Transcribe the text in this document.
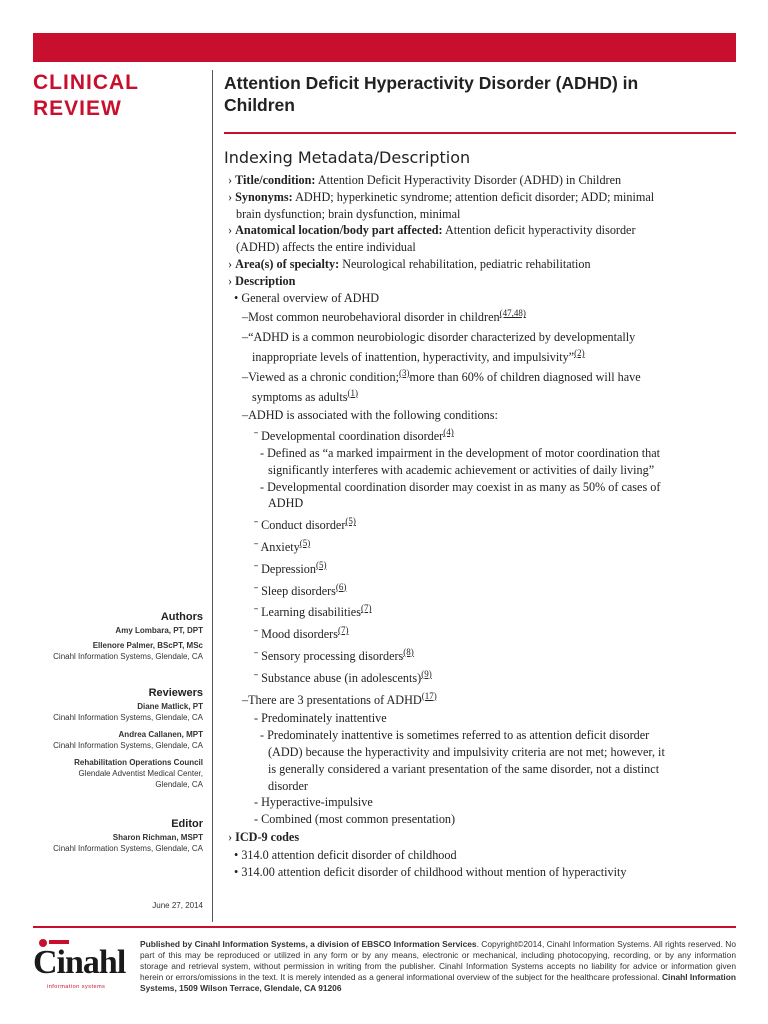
CLINICAL
REVIEW
Attention Deficit Hyperactivity Disorder (ADHD) in
Children
Indexing Metadata/Description
› Title/condition: Attention Deficit Hyperactivity Disorder (ADHD) in Children
› Synonyms: ADHD; hyperkinetic syndrome; attention deficit disorder; ADD; minimal
brain dysfunction; brain dysfunction, minimal
› Anatomical location/body part affected: Attention deficit hyperactivity disorder
(ADHD) affects the entire individual
› Area(s) of specialty: Neurological rehabilitation, pediatric rehabilitation
› Description
• General overview of ADHD
–Most common neurobehavioral disorder in children$^{(47,48)}$
–“ADHD is a common neurobiologic disorder characterized by developmentally
inappropriate levels of inattention, hyperactivity, and impulsivity”$^{(2)}$
–Viewed as a chronic condition;$^{(3)}$more than 60% of children diagnosed will have
symptoms as adults$^{(1)}$
–ADHD is associated with the following conditions:
ˉ Developmental coordination disorder$^{(4)}$
- Defined as “a marked impairment in the development of motor coordination that
significantly interferes with academic achievement or activities of daily living”
- Developmental coordination disorder may coexist in as many as 50% of cases of
ADHD
ˉ Conduct disorder$^{(5)}$
ˉ Anxiety$^{(5)}$
ˉ Depression$^{(5)}$
ˉ Sleep disorders$^{(6)}$
ˉ Learning disabilities$^{(7)}$
ˉ Mood disorders$^{(7)}$
ˉ Sensory processing disorders$^{(8)}$
ˉ Substance abuse (in adolescents)$^{(9)}$
–There are 3 presentations of ADHD$^{(17)}$
- Predominately inattentive
- Predominately inattentive is sometimes referred to as attention deficit disorder
(ADD) because the hyperactivity and impulsivity criteria are not met; however, it
is generally considered a variant presentation of the same disorder, not a distinct
disorder
- Hyperactive-impulsive
- Combined (most common presentation)
› ICD-9 codes
• 314.0 attention deficit disorder of childhood
• 314.00 attention deficit disorder of childhood without mention of hyperactivity
Authors
Amy Lombara, PT, DPT
Ellenore Palmer, BScPT, MSc
Cinahl Information Systems, Glendale, CA
Reviewers
Diane Matlick, PT
Cinahl Information Systems, Glendale, CA
Andrea Callanen, MPT
Cinahl Information Systems, Glendale, CA
Rehabilitation Operations Council
Glendale Adventist Medical Center,
Glendale, CA
Editor
Sharon Richman, MSPT
Cinahl Information Systems, Glendale, CA
June 27, 2014
Cinahl
information systems
Published by Cinahl Information Systems, a division of EBSCO Information Services. Copyright©2014, Cinahl Information Systems. All rights reserved. No part of this may be reproduced or utilized in any form or by any means, electronic or mechanical, including photocopying, recording, or by any information storage and retrieval system, without permission in writing from the publisher. Cinahl Information Systems accepts no liability for advice or information given herein or errors/omissions in the text. It is merely intended as a general informational overview of the subject for the healthcare professional. Cinahl Information Systems, 1509 Wilson Terrace, Glendale, CA 91206
